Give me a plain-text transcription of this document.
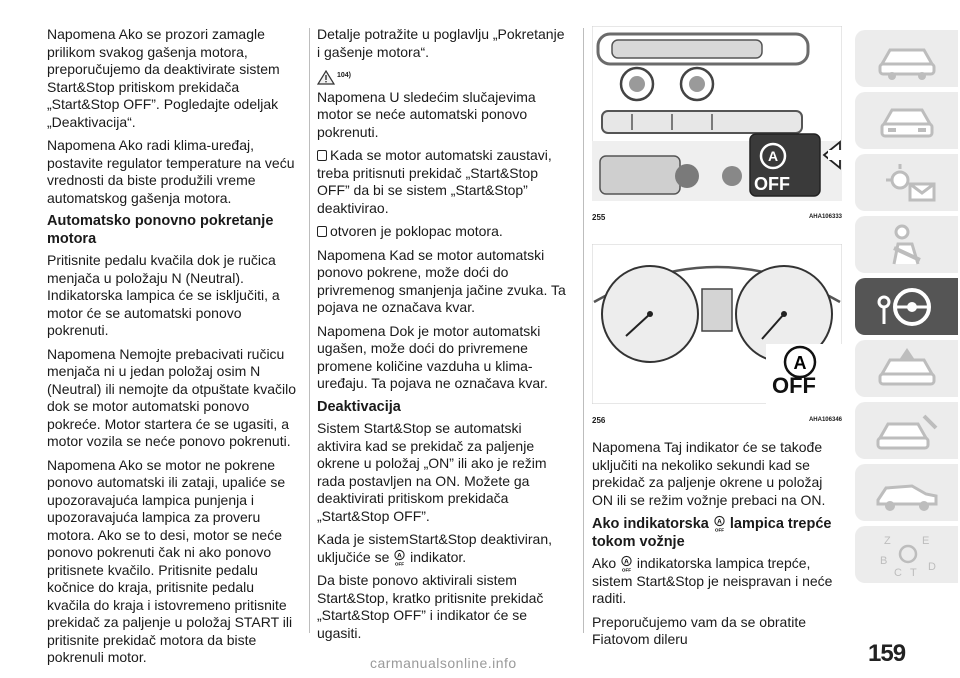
Napomena Ako se prozori zamagle prilikom svakog gašenja motora, preporučujemo da deaktivirate sistem Start&Stop pritiskom prekidača „Start&Stop OFF”. Pogledajte odeljak „Deaktivacija“.

Napomena Ako radi klima-uređaj, postavite regulator temperature na veću vrednosti da biste produžili vreme automatskog gašenja motora.

Automatsko ponovno pokretanje motora

Pritisnite pedalu kvačila dok je ručica menjača u položaju N (Neutral). Indikatorska lampica će se isključiti, a motor će se automatski ponovo pokrenuti.

Napomena Nemojte prebacivati ručicu menjača ni u jedan položaj osim N (Neutral) ili nemojte da otpuštate kvačilo dok se motor automatski ponovo pokreće. Motor startera će se ugasiti, a motor vozila se neće ponovo pokrenuti.

Napomena Ako se motor ne pokrene ponovo automatski ili zataji, upaliće se upozoravajuća lampica punjenja i upozoravajuća lampica za proveru motora. Ako se to desi, motor se neće ponovo pokrenuti čak ni ako ponovo pritisnete kvačilo. Pritisnite pedalu kočnice do kraja, pritisnite pedalu kvačila do kraja i istovremeno pritisnite prekidač za paljenje u položaj START ili pritisnite prekidač motora da biste pokrenuli motor.

Detalje potražite u poglavlju „Pokretanje i gašenje motora“.

104)

Napomena U sledećim slučajevima motor se neće automatski ponovo pokrenuti.

Kada se motor automatski zaustavi, treba pritisnuti prekidač „Start&Stop OFF” da bi se sistem „Start&Stop” deaktivirao.

otvoren je poklopac motora.

Napomena Kad se motor automatski ponovo pokrene, može doći do privremenog smanjenja jačine zvuka. Ta pojava ne označava kvar.

Napomena Dok je motor automatski ugašen, može doći do privremene promene količine vazduha u klima-uređaju. Ta pojava ne označava kvar.

Deaktivacija

Sistem Start&Stop se automatski aktivira kad se prekidač za paljenje okrene u položaj „ON” ili ako je režim rada postavljen na ON. Možete ga deaktivirati pritiskom prekidača „Start&Stop OFF”.

Kada je sistemStart&Stop deaktiviran, uključiće se A
OFF indikator.

Da biste ponovo aktivirali sistem Start&Stop, kratko pritisnite prekidač „Start&Stop OFF” i indikator će se ugasiti.

A
OFF
255	AHA106333
A
OFF
256	AHA106346

Napomena Taj indikator će se takođe uključiti na nekoliko sekundi kad se prekidač za paljenje okrene u položaj ON ili se režim vožnje prebaci na ON.

Ako indikatorska A
OFF lampica trepće tokom vožnje

Ako A
OFF indikatorska lampica trepće, sistem Start&Stop je neispravan i neće raditi.

Preporučujemo vam da se obratite Fiatovom dileru

Z	E
B
C T D
159
carmanualsonline.info
